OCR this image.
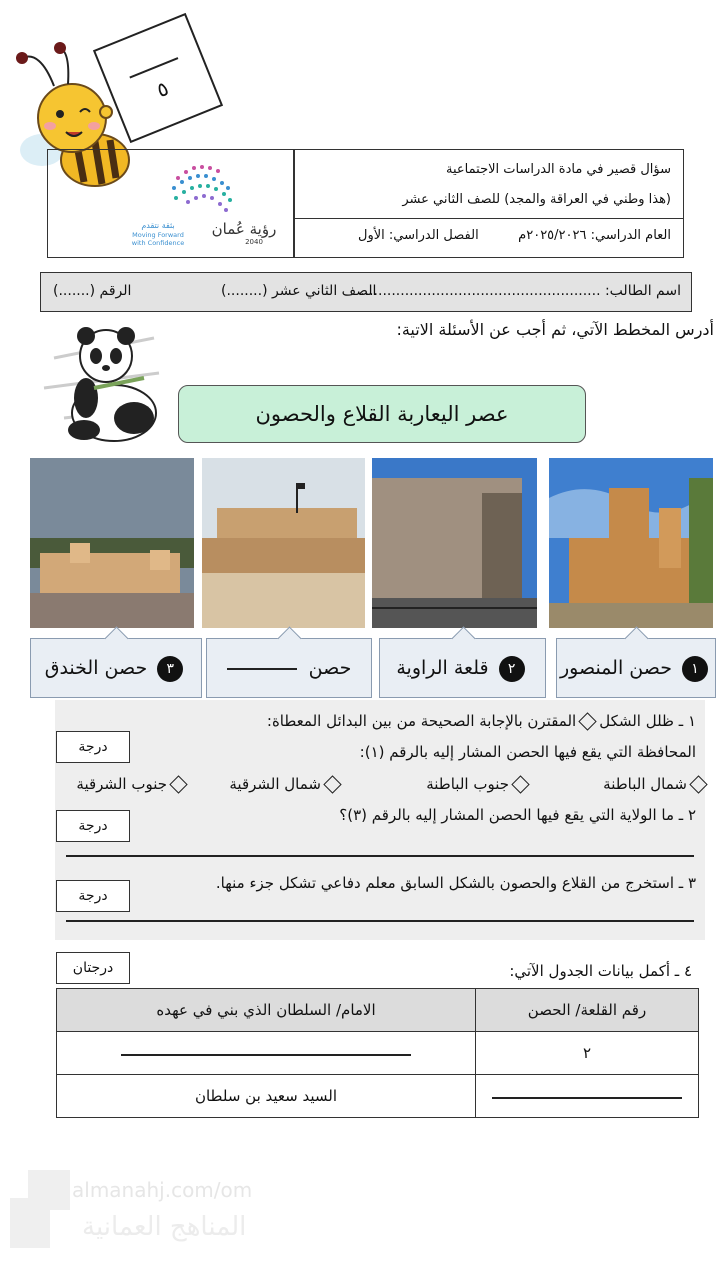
٥
سؤال قصير في مادة الدراسات الاجتماعية
(هذا وطني في العراقة والمجد) للصف الثاني عشر
العام الدراسي: ٢٠٢٥/٢٠٢٦م
الفصل الدراسي: الأول
رؤية عُمان
2040
بثقة نتقدم
Moving Forward
with Confidence
اسم الطالب: ......................................................
الصف الثاني عشر (........)
الرقم (.......)
أدرس المخطط الآتي، ثم أجب عن الأسئلة الاتية:
عصر اليعاربة القلاع والحصون
١ حصن المنصور
٢ قلعة الراوية
حصن
٣ حصن الخندق
١ ـ ظلل الشكلالمقترن بالإجابة الصحيحة من بين البدائل المعطاة:
درجة	المحافظة التي يقع فيها الحصن المشار إليه بالرقم (١):
شمال الباطنة
جنوب الباطنة
شمال الشرقية
جنوب الشرقية
درجة
٢ ـ ما الولاية التي يقع فيها الحصن المشار إليه بالرقم (٣)؟
درجة
٣ ـ استخرج من القلاع والحصون بالشكل السابق معلم دفاعي تشكل جزء منها.
درجتان	٤ ـ أكمل بيانات الجدول الآتي:
رقم القلعة/ الحصن	الامام/ السلطان الذي بني في عهده
٢	
	السيد سعيد بن سلطان
almanahj.com/om
المناهج العمانية
